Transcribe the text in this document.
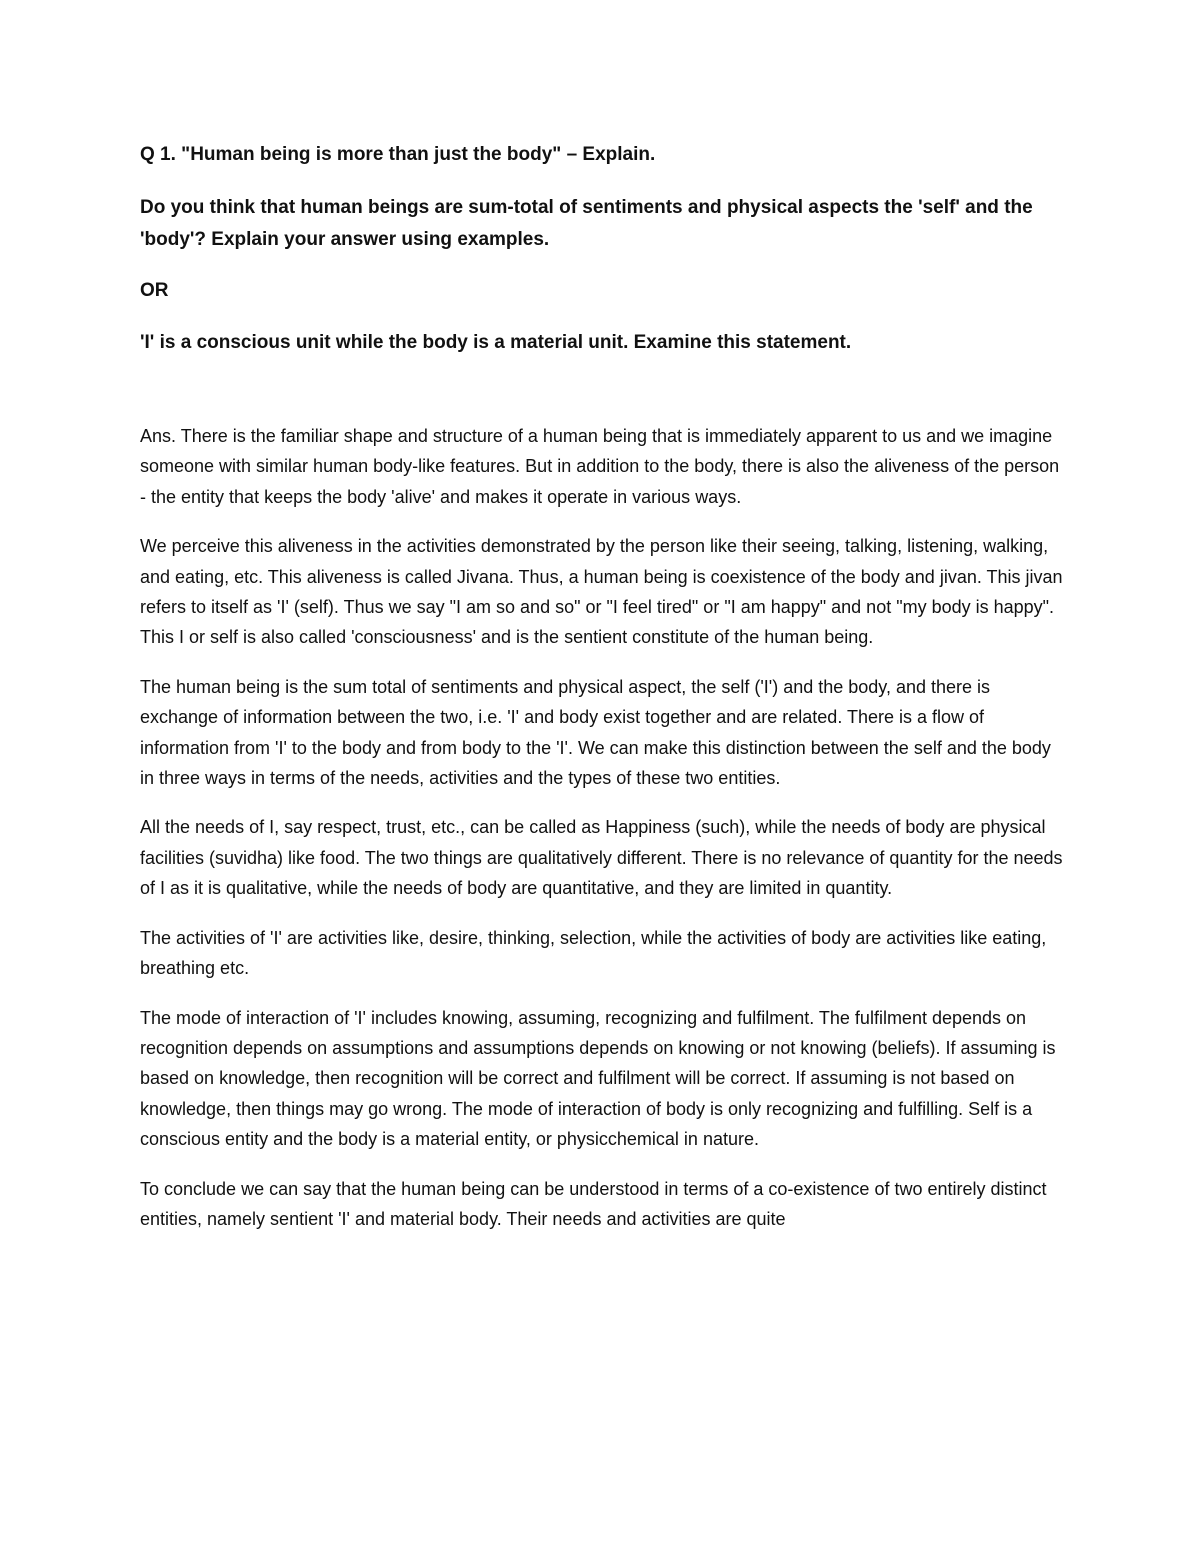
Q 1. "Human being is more than just the body" – Explain.

Do you think that human beings are sum-total of sentiments and physical aspects the 'self' and the 'body'? Explain your answer using examples.

OR

'I' is a conscious unit while the body is a material unit. Examine this statement.

Ans. There is the familiar shape and structure of a human being that is immediately apparent to us and we imagine someone with similar human body-like features. But in addition to the body, there is also the aliveness of the person - the entity that keeps the body 'alive' and makes it operate in various ways.

We perceive this aliveness in the activities demonstrated by the person like their seeing, talking, listening, walking, and eating, etc. This aliveness is called Jivana. Thus, a human being is coexistence of the body and jivan. This jivan refers to itself as 'I' (self). Thus we say "I am so and so" or "I feel tired" or "I am happy" and not "my body is happy". This I or self is also called 'consciousness' and is the sentient constitute of the human being.

The human being is the sum total of sentiments and physical aspect, the self ('I') and the body, and there is exchange of information between the two, i.e. 'I' and body exist together and are related. There is a flow of information from 'I' to the body and from body to the 'I'. We can make this distinction between the self and the body in three ways in terms of the needs, activities and the types of these two entities.

All the needs of I, say respect, trust, etc., can be called as Happiness (such), while the needs of body are physical facilities (suvidha) like food. The two things are qualitatively different. There is no relevance of quantity for the needs of I as it is qualitative, while the needs of body are quantitative, and they are limited in quantity.

The activities of 'I' are activities like, desire, thinking, selection, while the activities of body are activities like eating, breathing etc.

The mode of interaction of 'I' includes knowing, assuming, recognizing and fulfilment. The fulfilment depends on recognition depends on assumptions and assumptions depends on knowing or not knowing (beliefs). If assuming is based on knowledge, then recognition will be correct and fulfilment will be correct. If assuming is not based on knowledge, then things may go wrong. The mode of interaction of body is only recognizing and fulfilling. Self is a conscious entity and the body is a material entity, or physicchemical in nature.

To conclude we can say that the human being can be understood in terms of a co-existence of two entirely distinct entities, namely sentient 'I' and material body. Their needs and activities are quite
